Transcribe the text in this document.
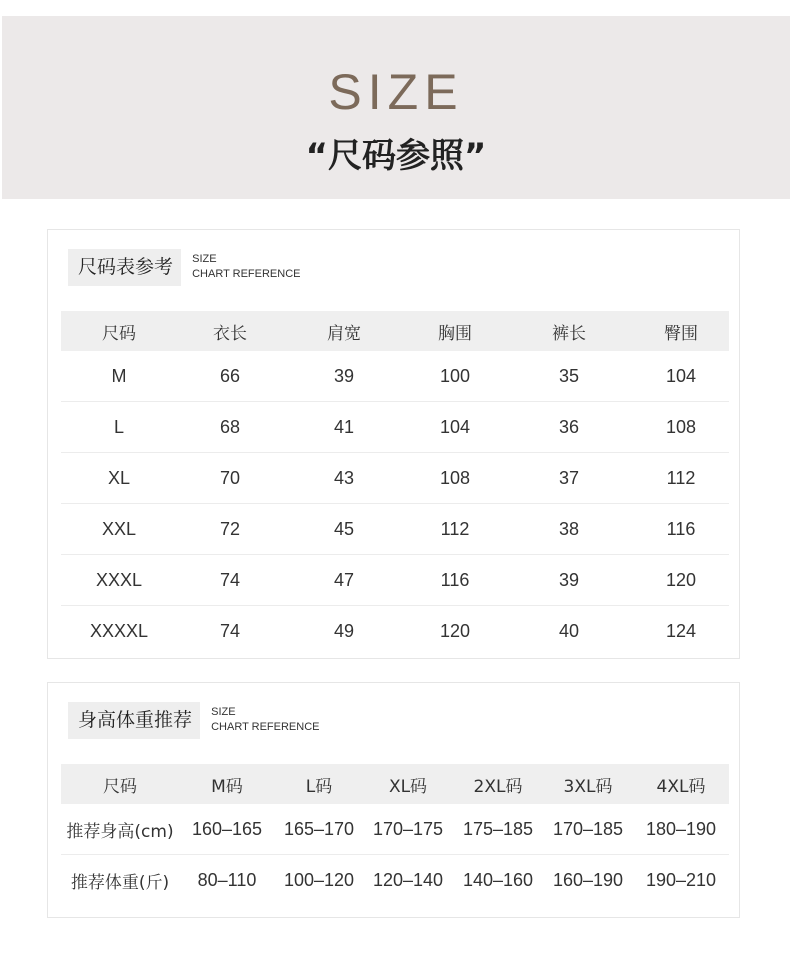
SIZE
“尺码参照”
尺码表参考 SIZE
CHART REFERENCE
尺码	衣长	肩宽	胸围	裤长	臀围
M	66	39	100	35	104
L	68	41	104	36	108
XL	70	43	108	37	112
XXL	72	45	112	38	116
XXXL	74	47	116	39	120
XXXXL	74	49	120	40	124
身高体重推荐 SIZE
CHART REFERENCE
尺码	M码	L码	XL码	2XL码	3XL码	4XL码
推荐身高(cm)	160–165	165–170	170–175	175–185	170–185	180–190
推荐体重(斤)	80–110	100–120	120–140	140–160	160–190	190–210
